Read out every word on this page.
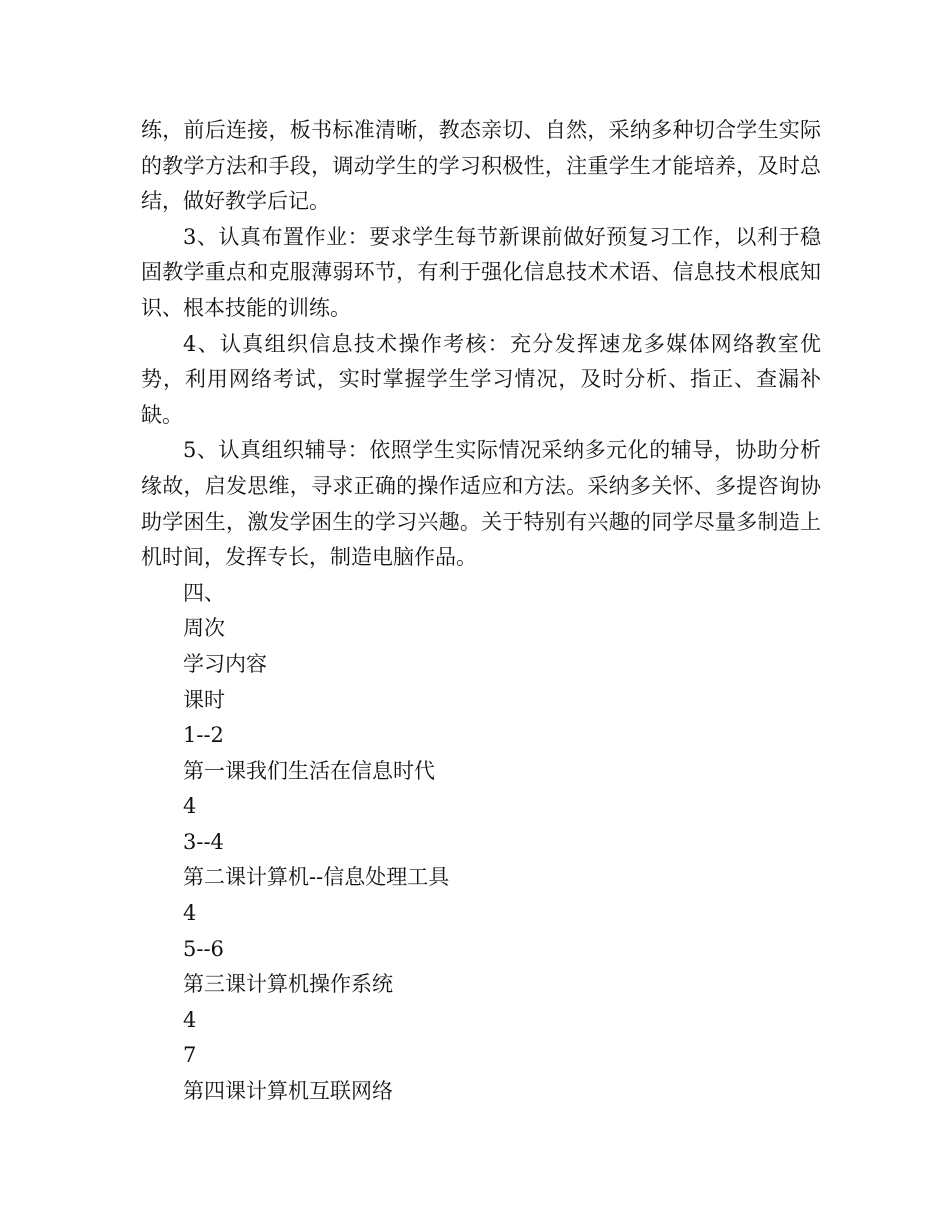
练，前后连接，板书标准清晰，教态亲切、自然，采纳多种切合学生实际的教学方法和手段，调动学生的学习积极性，注重学生才能培养，及时总结，做好教学后记。

3、认真布置作业：要求学生每节新课前做好预复习工作，以利于稳固教学重点和克服薄弱环节，有利于强化信息技术术语、信息技术根底知识、根本技能的训练。

4、认真组织信息技术操作考核：充分发挥速龙多媒体网络教室优势，利用网络考试，实时掌握学生学习情况，及时分析、指正、查漏补缺。

5、认真组织辅导：依照学生实际情况采纳多元化的辅导，协助分析缘故，启发思维，寻求正确的操作适应和方法。采纳多关怀、多提咨询协助学困生，激发学困生的学习兴趣。关于特别有兴趣的同学尽量多制造上机时间，发挥专长，制造电脑作品。

四、

周次

学习内容

课时

1--2

第一课我们生活在信息时代

4

3--4

第二课计算机--信息处理工具

4

5--6

第三课计算机操作系统

4

7

第四课计算机互联网络
